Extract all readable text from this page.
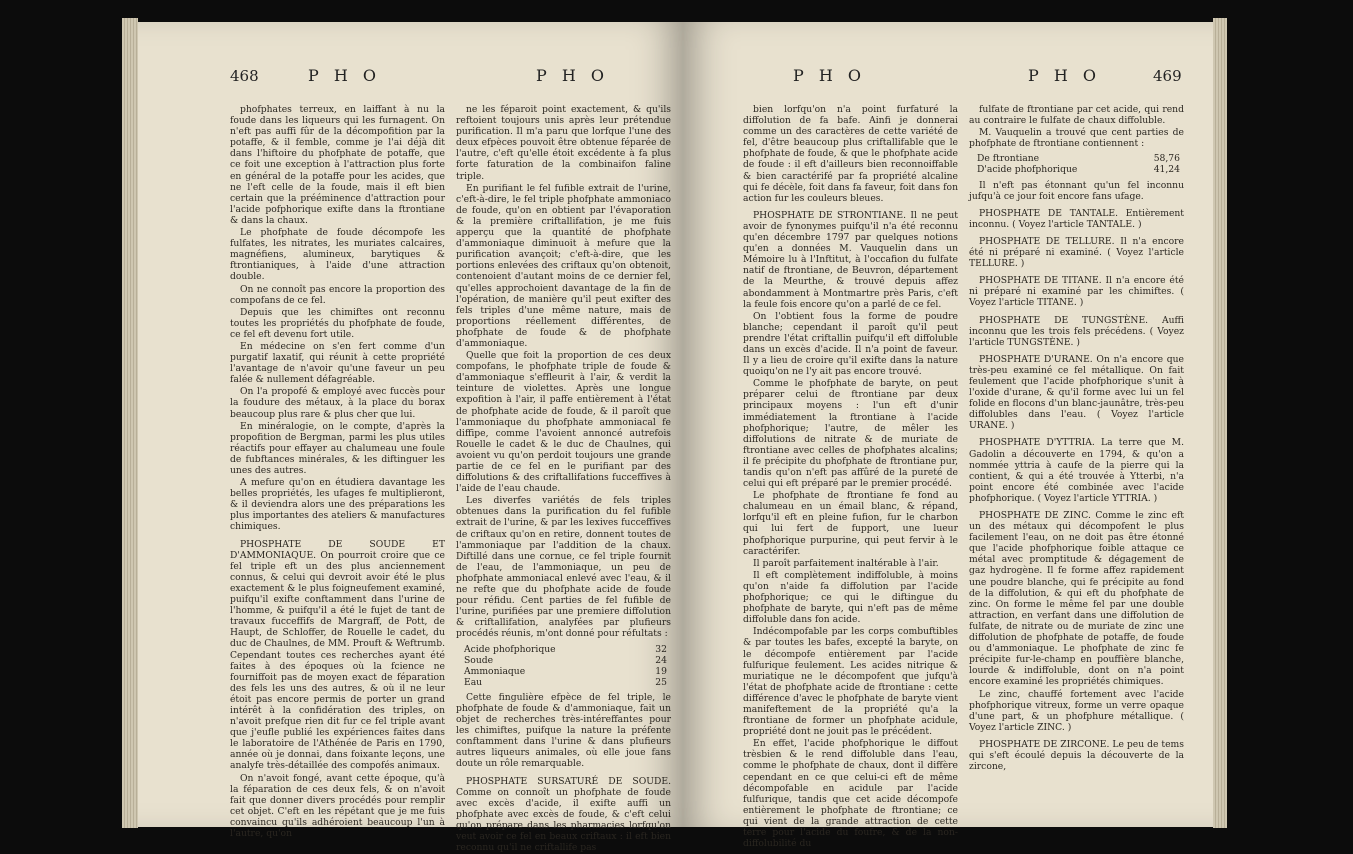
468	P H O	P H O

phofphates terreux, en laiffant à nu la foude dans les liqueurs qui les furnagent. On n'eft pas auffi fûr de la décompofition par la potaffe, & il femble, comme je l'ai déjà dit dans l'hiftoire du phofphate de potaffe, que ce foit une exception à l'attraction plus forte en général de la potaffe pour les acides, que ne l'eft celle de la foude, mais il eft bien certain que la prééminence d'attraction pour l'acide pofphorique exifte dans la ftrontiane & dans la chaux.

Le phofphate de foude décompofe les fulfates, les nitrates, les muriates calcaires, magnéfiens, alumineux, barytiques & ftrontianiques, à l'aide d'une attraction double.

On ne connoît pas encore la proportion des compofans de ce fel.

Depuis que les chimiftes ont reconnu toutes les propriétés du phofphate de foude, ce fel eft devenu fort utile.

En médecine on s'en fert comme d'un purgatif laxatif, qui réunit à cette propriété l'avantage de n'avoir qu'une faveur un peu falée & nullement défagréable.

On l'a propofé & employé avec fuccès pour la foudure des métaux, à la place du borax beaucoup plus rare & plus cher que lui.

En minéralogie, on le compte, d'après la propofition de Bergman, parmi les plus utiles réactifs pour effayer au chalumeau une foule de fubftances minérales, & les diftinguer les unes des autres.

A mefure qu'on en étudiera davantage les belles propriétés, les ufages fe multiplieront, & il deviendra alors une des préparations les plus importantes des ateliers & manufactures chimiques.

PHOSPHATE DE SOUDE ET D'AMMONIAQUE. On pourroit croire que ce fel triple eft un des plus anciennement connus, & celui qui devroit avoir été le plus exactement & le plus foigneufement examiné, puifqu'il exifte conftamment dans l'urine de l'homme, & puifqu'il a été le fujet de tant de travaux fucceffifs de Margraff, de Pott, de Haupt, de Schloffer, de Rouelle le cadet, du duc de Chaulnes, de MM. Prouft & Weftrumb. Cependant toutes ces recherches ayant été faites à des époques où la fcience ne fourniffoit pas de moyen exact de féparation des fels les uns des autres, & où il ne leur étoit pas encore permis de porter un grand intérêt à la confidération des triples, on n'avoit prefque rien dit fur ce fel triple avant que j'eufle publié les expériences faites dans le laboratoire de l'Athénée de Paris en 1790, année où je donnai, dans foixante leçons, une analyfe très-détaillée des compofés animaux.

On n'avoit fongé, avant cette époque, qu'à la féparation de ces deux fels, & on n'avoit fait que donner divers procédés pour remplir cet objet. C'eft en les répétant que je me fuis convaincu qu'ils adhéroient beaucoup l'un à l'autre, qu'on

ne les féparoit point exactement, & qu'ils reftoient toujours unis après leur prétendue purification. Il m'a paru que lorfque l'une des deux efpèces pouvoit être obtenue féparée de l'autre, c'eft qu'elle étoit excédente à fa plus forte faturation de la combinaifon faline triple.

En purifiant le fel fufible extrait de l'urine, c'eft-à-dire, le fel triple phofphate ammoniaco de foude, qu'on en obtient par l'évaporation & la première criftallifation, je me fuis apperçu que la quantité de phofphate d'ammoniaque diminuoit à mefure que la purification avançoit; c'eft-à-dire, que les portions enlevées des criftaux qu'on obtenoit, contenoient d'autant moins de ce dernier fel, qu'elles approchoient davantage de la fin de l'opération, de manière qu'il peut exifter des fels triples d'une même nature, mais de proportions réellement différentes, de phofphate de foude & de phofphate d'ammoniaque.

Quelle que foit la proportion de ces deux compofans, le phofphate triple de foude & d'ammoniaque s'effleurit à l'air, & verdit la teinture de violettes. Après une longue expofition à l'air, il paffe entièrement à l'état de phofphate acide de foude, & il paroît que l'ammoniaque du phofphate ammoniacal fe diffipe, comme l'avoient annoncé autrefois Rouelle le cadet & le duc de Chaulnes, qui avoient vu qu'on perdoit toujours une grande partie de ce fel en le purifiant par des diffolutions & des criftallifations fucceffives à l'aide de l'eau chaude.

Les diverfes variétés de fels triples obtenues dans la purification du fel fufible extrait de l'urine, & par les lexives fucceffives de criftaux qu'on en retire, donnent toutes de l'ammoniaque par l'addition de la chaux. Diftillé dans une cornue, ce fel triple fournit de l'eau, de l'ammoniaque, un peu de phofphate ammoniacal enlevé avec l'eau, & il ne refte que du phofphate acide de foude pour réfidu. Cent parties de fel fufible de l'urine, purifiées par une premiere diffolution & criftallifation, analyfées par plufieurs procédés réunis, m'ont donné pour réfultats :

Acide phofphorique	32
Soude	24
Ammoniaque	19
Eau	25

Cette fingulière efpèce de fel triple, le phofphate de foude & d'ammoniaque, fait un objet de recherches très-intéreffantes pour les chimiftes, puifque la nature la préfente conftamment dans l'urine & dans plufieurs autres liqueurs animales, où elle joue fans doute un rôle remarquable.

PHOSPHATE SURSATURÉ DE SOUDE. Comme on connoît un phofphate de foude avec excès d'acide, il exifte auffi un phofphate avec excès de foude, & c'eft celui qu'on prépare dans les pharmacies lorfqu'on veut avoir ce fel en beaux criftaux : il eft bien reconnu qu'il ne criftallife pas

P H O	P H O	469

bien lorfqu'on n'a point furfaturé la diffolution de fa bafe. Ainfi je donnerai comme un des caractères de cette variété de fel, d'être beaucoup plus criftallifable que le phofphate de foude, & que le phofphate acide de foude : il eft d'ailleurs bien reconnoiffable & bien caractérifé par fa propriété alcaline qui fe décèle, foit dans fa faveur, foit dans fon action fur les couleurs bleues.

PHOSPHATE DE STRONTIANE. Il ne peut avoir de fynonymes puifqu'il n'a été reconnu qu'en décembre 1797 par quelques notions qu'en a données M. Vauquelin dans un Mémoire lu à l'Inftitut, à l'occafion du fulfate natif de ftrontiane, de Beuvron, département de la Meurthe, & trouvé depuis affez abondamment à Montmartre près Paris, c'eft la feule fois encore qu'on a parlé de ce fel.

On l'obtient fous la forme de poudre blanche; cependant il paroît qu'il peut prendre l'état criftallin puifqu'il eft diffoluble dans un excès d'acide. Il n'a point de faveur. Il y a lieu de croire qu'il exifte dans la nature quoiqu'on ne l'y ait pas encore trouvé.

Comme le phofphate de baryte, on peut préparer celui de ftrontiane par deux principaux moyens : l'un eft d'unir immédiatement la ftrontiane à l'acide phofphorique; l'autre, de mêler les diffolutions de nitrate & de muriate de ftrontiane avec celles de phofphates alcalins; il fe précipite du phofphate de ftrontiane pur, tandis qu'on n'eft pas affûré de la pureté de celui qui eft préparé par le premier procédé.

Le phofphate de ftrontiane fe fond au chalumeau en un émail blanc, & répand, lorfqu'il eft en pleine fufion, fur le charbon qui lui fert de fupport, une lueur phofphorique purpurine, qui peut fervir à le caractérifer.

Il paroît parfaitement inaltérable à l'air.

Il eft complètement indiffoluble, à moins qu'on n'aide fa diffolution par l'acide phofphorique; ce qui le diftingue du phofphate de baryte, qui n'eft pas de même diffoluble dans fon acide.

Indécompofable par les corps combuftibles & par toutes les bafes, excepté la baryte, on le décompofe entièrement par l'acide fulfurique feulement. Les acides nitrique & muriatique ne le décompofent que jufqu'à l'état de phofphate acide de ftrontiane : cette différence d'avec le phofphate de baryte vient manifeftement de la propriété qu'a la ftrontiane de former un phofphate acidule, propriété dont ne jouit pas le précédent.

En effet, l'acide phofphorique le diffout trèsbien & le rend diffoluble dans l'eau, comme le phofphate de chaux, dont il diffère cependant en ce que celui-ci eft de même décompofable en acidule par l'acide fulfurique, tandis que cet acide décompofe entièrement le phofphate de ftrontiane; ce qui vient de la grande attraction de cette terre pour l'acide du foufre, & de la non-diffolubilité du

fulfate de ftrontiane par cet acide, qui rend au contraire le fulfate de chaux diffoluble.

M. Vauquelin a trouvé que cent parties de phofphate de ftrontiane contiennent :

De ftrontiane	58,76
D'acide phofphorique	41,24

Il n'eft pas étonnant qu'un fel inconnu jufqu'à ce jour foit encore fans ufage.

PHOSPHATE DE TANTALE. Entièrement inconnu. ( Voyez l'article TANTALE. )

PHOSPHATE DE TELLURE. Il n'a encore été ni préparé ni examiné. ( Voyez l'article TELLURE. )

PHOSPHATE DE TITANE. Il n'a encore été ni préparé ni examiné par les chimiftes. ( Voyez l'article TITANE. )

PHOSPHATE DE TUNGSTÈNE. Auffi inconnu que les trois fels précédens. ( Voyez l'article TUNGSTÈNE. )

PHOSPHATE D'URANE. On n'a encore que très-peu examiné ce fel métallique. On fait feulement que l'acide phofphorique s'unit à l'oxide d'urane, & qu'il forme avec lui un fel folide en flocons d'un blanc-jaunâtre, très-peu diffolubles dans l'eau. ( Voyez l'article URANE. )

PHOSPHATE D'YTTRIA. La terre que M. Gadolin a découverte en 1794, & qu'on a nommée yttria à caufe de la pierre qui la contient, & qui a été trouvée à Ytterbi, n'a point encore été combinée avec l'acide phofphorique. ( Voyez l'article YTTRIA. )

PHOSPHATE DE ZINC. Comme le zinc eft un des métaux qui décompofent le plus facilement l'eau, on ne doit pas être étonné que l'acide phofphorique foible attaque ce métal avec promptitude & dégagement de gaz hydrogène. Il fe forme affez rapidement une poudre blanche, qui fe précipite au fond de la diffolution, & qui eft du phofphate de zinc. On forme le même fel par une double attraction, en verfant dans une diffolution de fulfate, de nitrate ou de muriate de zinc une diffolution de phofphate de potaffe, de foude ou d'ammoniaque. Le phofphate de zinc fe précipite fur-le-champ en pouffière blanche, lourde & indiffoluble, dont on n'a point encore examiné les propriétés chimiques.

Le zinc, chauffé fortement avec l'acide phofphorique vitreux, forme un verre opaque d'une part, & un phofphure métallique. ( Voyez l'article ZINC. )

PHOSPHATE DE ZIRCONE. Le peu de tems qui s'eft écoulé depuis la découverte de la zircone,
